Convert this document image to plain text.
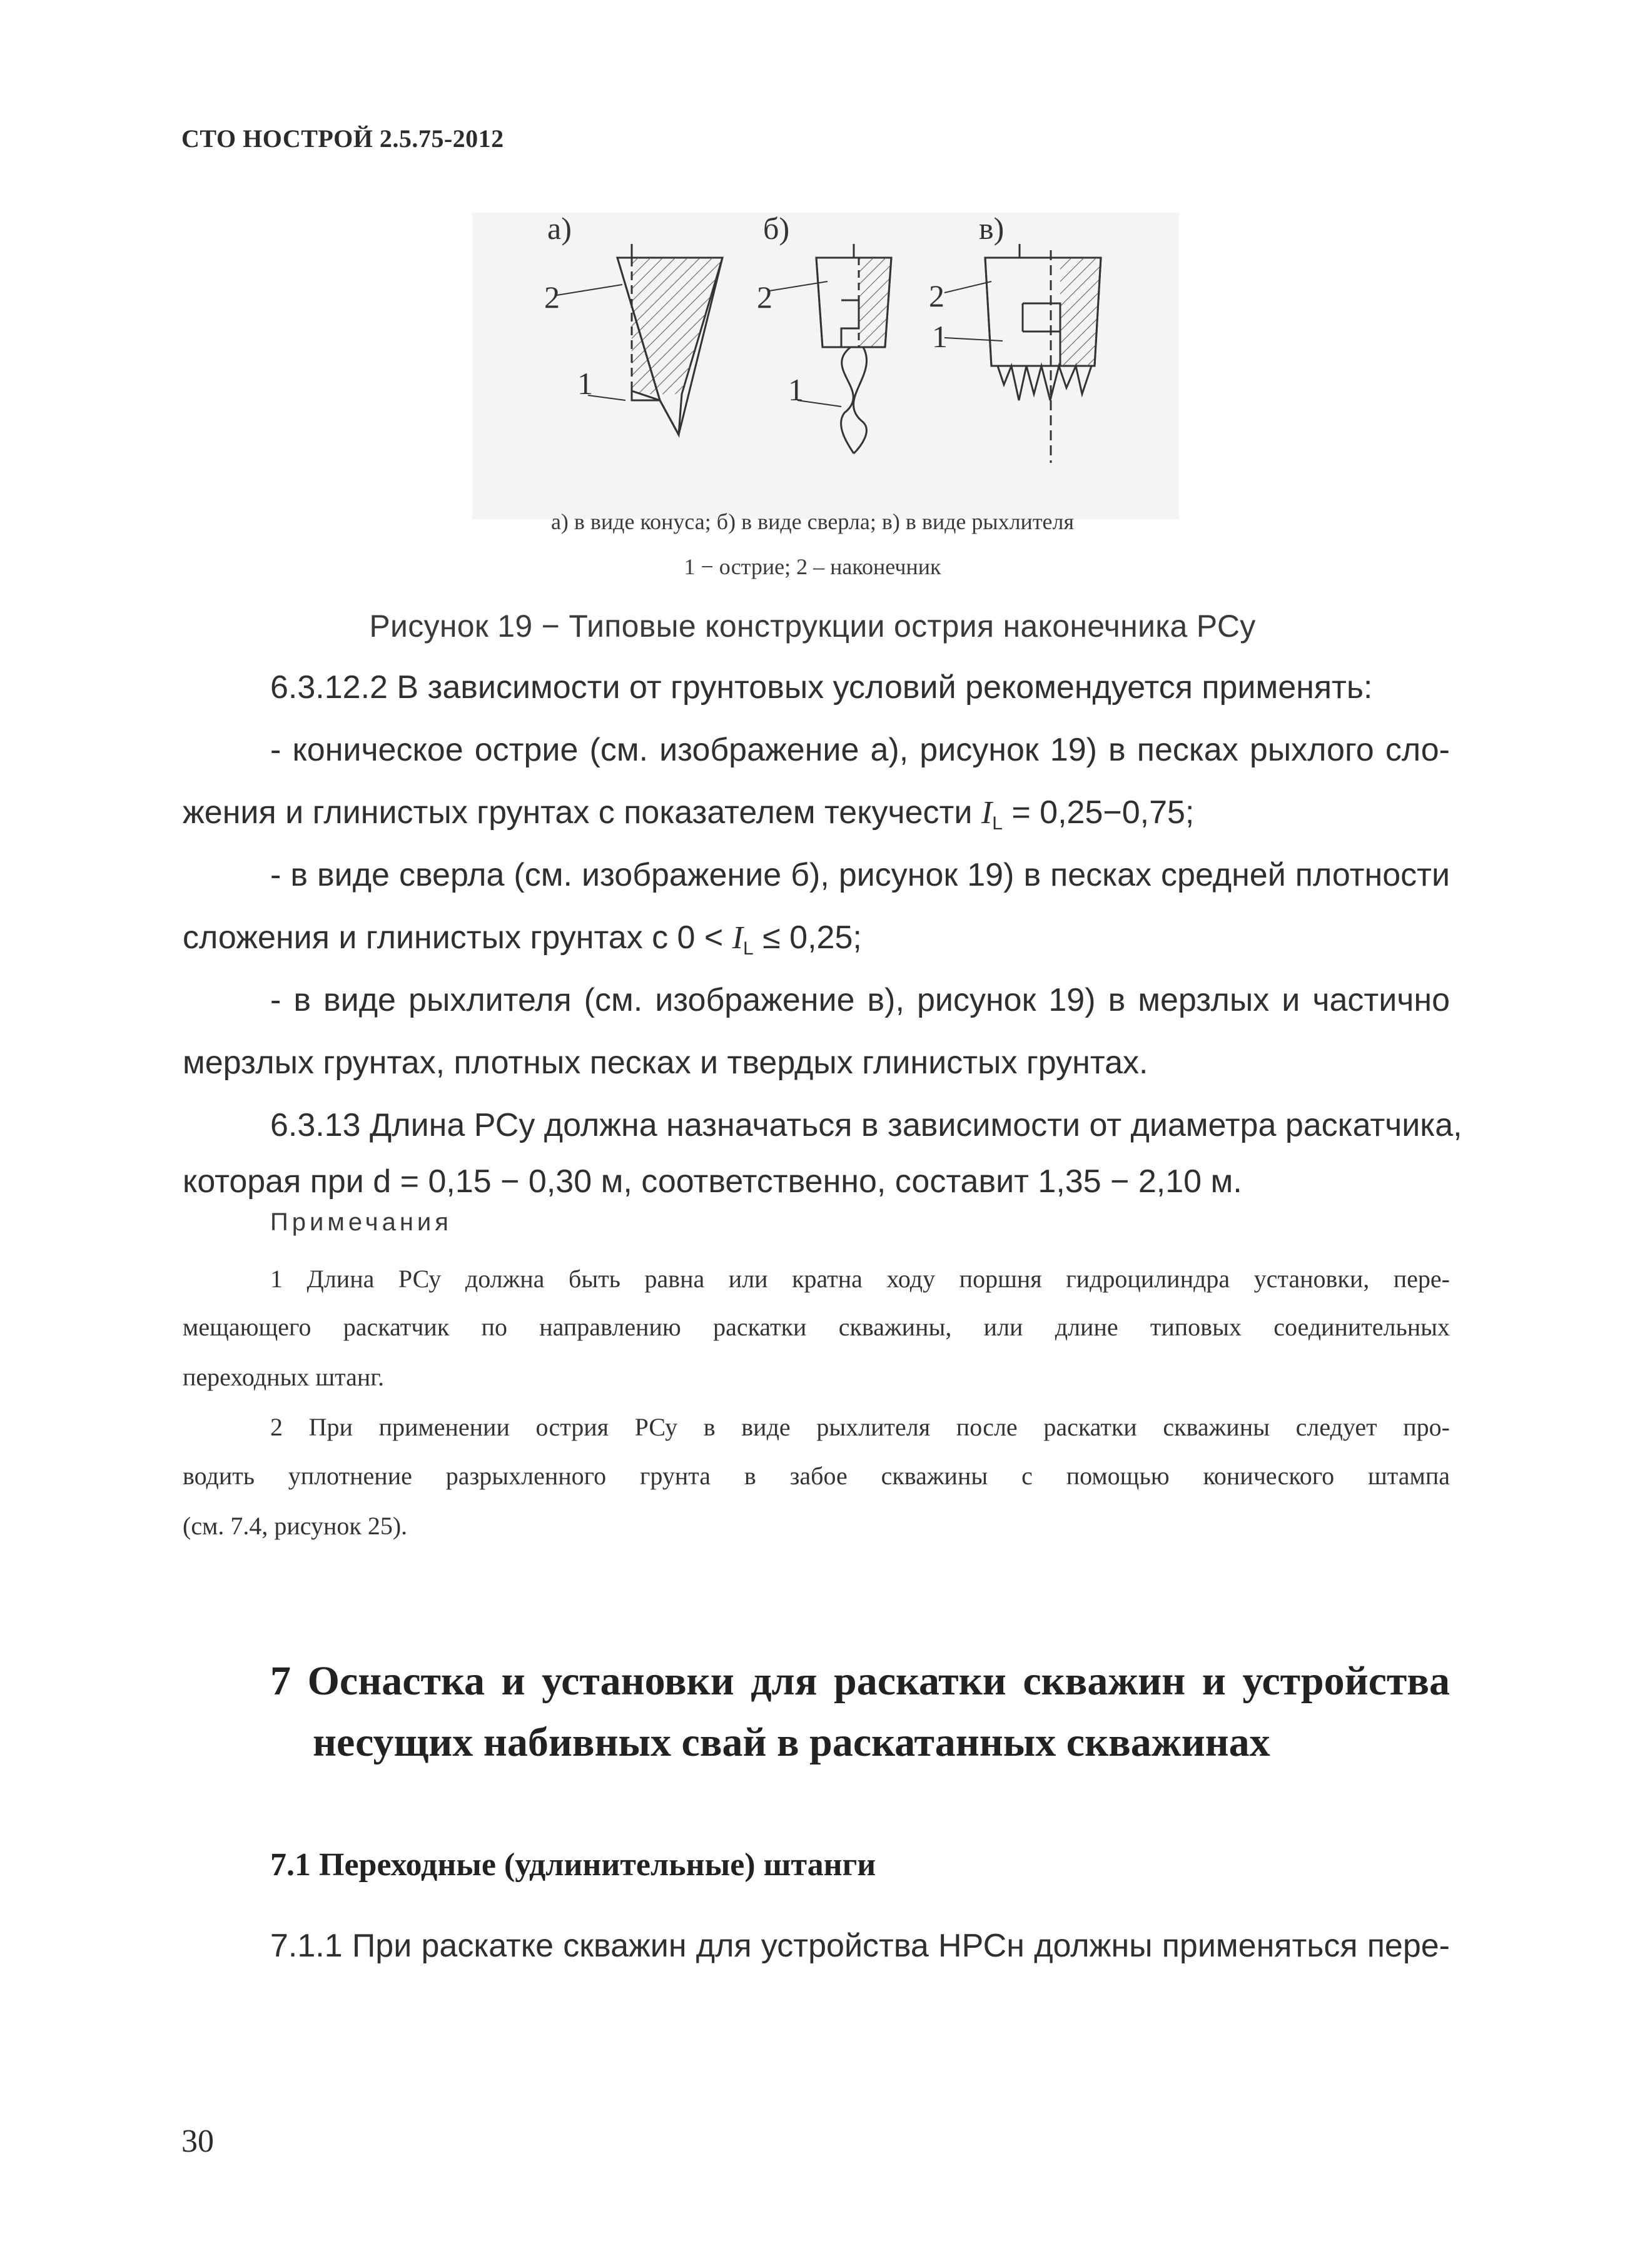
СТО НОСТРОЙ 2.5.75-2012
а)	б)	в)
2
1
2
1
2
1
а) в виде конуса; б) в виде сверла; в) в виде рыхлителя
1 − острие; 2 – наконечник
Рисунок 19 − Типовые конструкции острия наконечника РСу
6.3.12.2 В зависимости от грунтовых условий рекомендуется применять:
- коническое острие (см. изображение а), рисунок 19) в песках рыхлого сло-
жения и глинистых грунтах с показателем текучести $I_L = 0,25-0,75$;
- в виде сверла (см. изображение б), рисунок 19) в песках средней плотности
сложения и глинистых грунтах с $0 < I_L \le 0,25$;
- в виде рыхлителя (см. изображение в), рисунок 19) в мерзлых и частично
мерзлых грунтах, плотных песках и твердых глинистых грунтах.
6.3.13 Длина РСу должна назначаться в зависимости от диаметра раскатчика,
которая при d = 0,15 − 0,30 м, соответственно, составит 1,35 − 2,10 м.
Примечания
1 Длина РСу должна быть равна или кратна ходу поршня гидроцилиндра установки, пере-
мещающего раскатчик по направлению раскатки скважины, или длине типовых соединительных
переходных штанг.
2 При применении острия РСу в виде рыхлителя после раскатки скважины следует про-
водить уплотнение разрыхленного грунта в забое скважины с помощью конического штампа
(см. 7.4, рисунок 25).
7 Оснастка и установки для раскатки скважин и устройства
несущих набивных свай в раскатанных скважинах
7.1 Переходные (удлинительные) штанги
7.1.1 При раскатке скважин для устройства НРСн должны применяться пере-
30
